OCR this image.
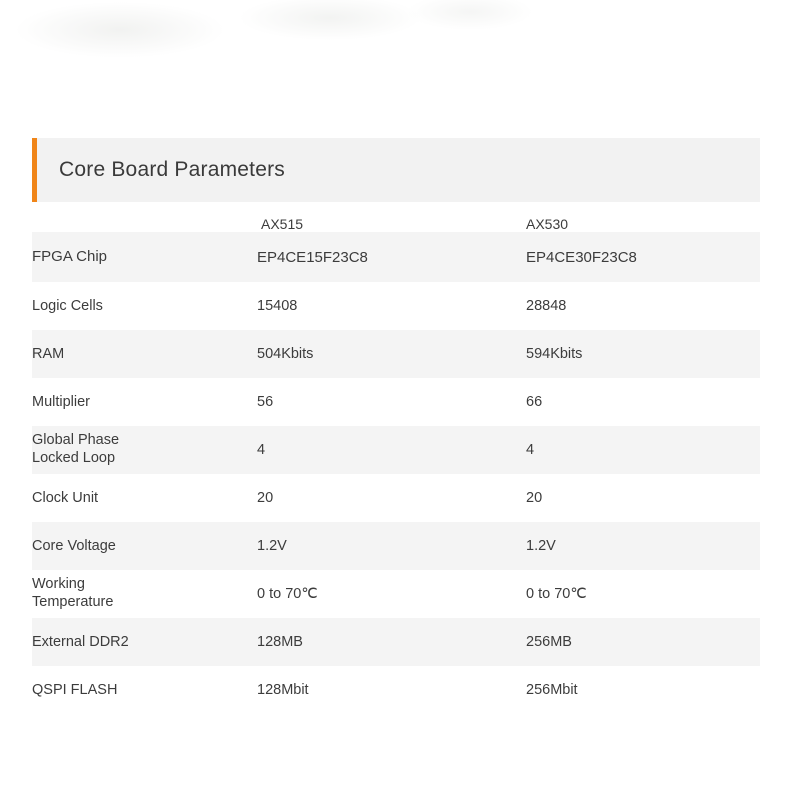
Core Board Parameters
	AX515	AX530
FPGA Chip	EP4CE15F23C8	EP4CE30F23C8
Logic Cells	15408	28848
RAM	504Kbits	594Kbits
Multiplier	56	66

Global Phase
Locked Loop	4	4
Clock Unit	20	20
Core Voltage	1.2V	1.2V

Working
Temperature	0 to 70℃	0 to 70℃
External DDR2	128MB	256MB
QSPI FLASH	128Mbit	256Mbit
